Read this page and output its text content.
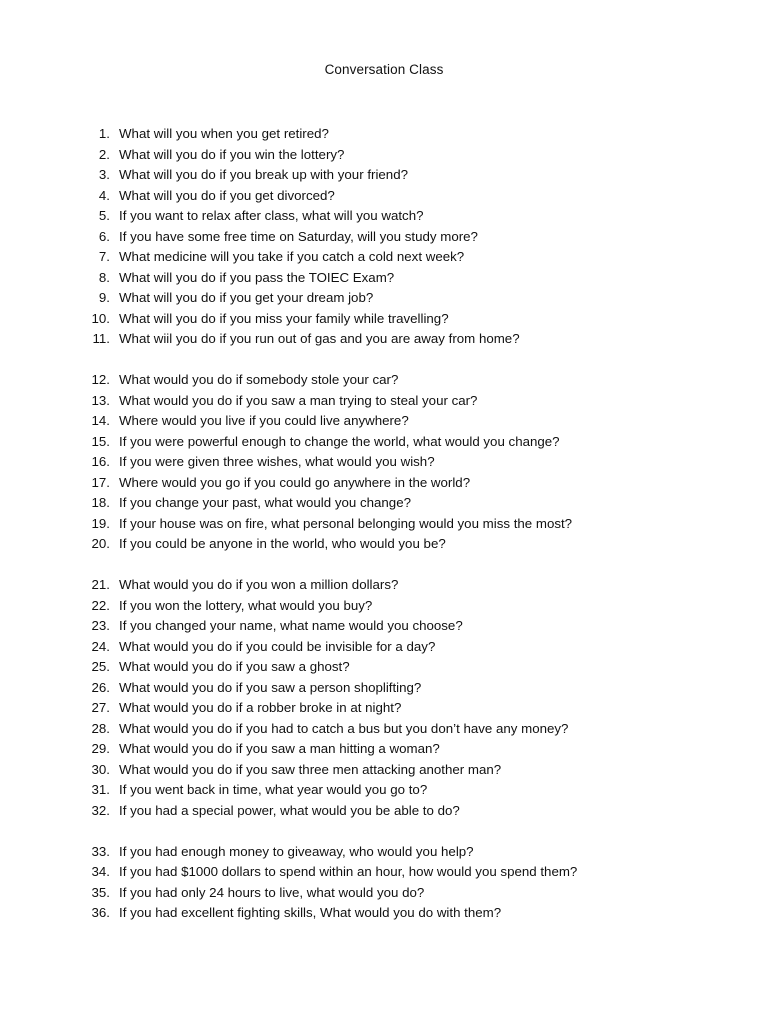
Conversation Class
1. What will you when you get retired?
2. What will you do if you win the lottery?
3. What will you do if you break up with your friend?
4. What will you do if you get divorced?
5. If you want to relax after class, what will you watch?
6. If you have some free time on Saturday, will you study more?
7. What medicine will you take if you catch a cold next week?
8. What will you do if you pass the TOIEC Exam?
9. What will you do if you get your dream job?
10. What will you do if you miss your family while travelling?
11. What wiil you do if you run out of gas and you are away from home?
12. What would you do if somebody stole your car?
13. What would you do if you saw a man trying to steal your car?
14. Where would you live if you could live anywhere?
15. If you were powerful enough to change the world, what would you change?
16. If you were given three wishes, what would you wish?
17. Where would you go if you could go anywhere in the world?
18. If you change your past, what would you change?
19. If your house was on fire, what personal belonging would you miss the most?
20. If you could be anyone in the world, who would you be?
21. What would you do if you won a million dollars?
22. If you won the lottery, what would you buy?
23. If you changed your name, what name would you choose?
24. What would you do if you could be invisible for a day?
25. What would you do if you saw a ghost?
26. What would you do if you saw a person shoplifting?
27. What would you do if a robber broke in at night?
28. What would you do if you had to catch a bus but you don’t have any money?
29. What would you do if you saw a man hitting a woman?
30. What would you do if you saw three men attacking another man?
31. If you went back in time, what year would you go to?
32. If you had a special power, what would you be able to do?
33. If you had enough money to giveaway, who would you help?
34. If you had $1000 dollars to spend within an hour, how would you spend them?
35. If you had only 24 hours to live, what would you do?
36. If you had excellent fighting skills, What would you do with them?
